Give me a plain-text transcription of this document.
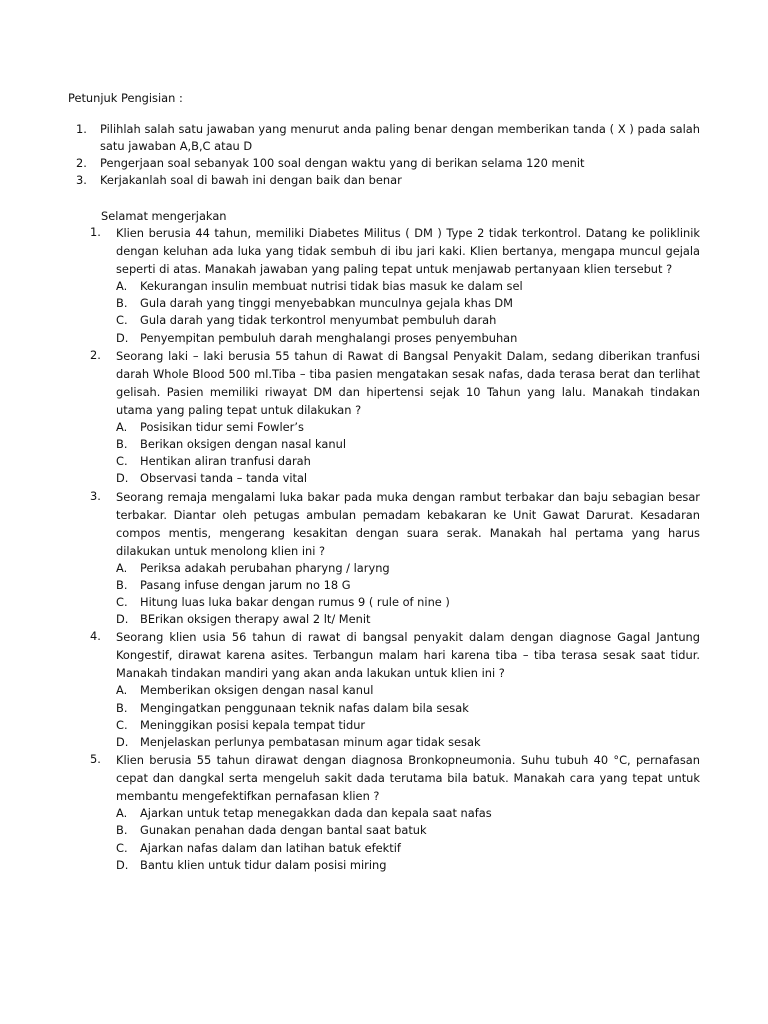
Petunjuk Pengisian :
1.	Pilihlah salah satu jawaban yang menurut anda paling benar dengan memberikan tanda ( X ) pada salah satu jawaban A,B,C atau D
2.	Pengerjaan soal sebanyak 100 soal dengan waktu yang di berikan selama 120 menit
3.	Kerjakanlah soal di bawah ini dengan baik dan benar
Selamat mengerjakan
1.	Klien berusia 44 tahun, memiliki Diabetes Militus ( DM ) Type 2 tidak terkontrol. Datang ke poliklinik dengan keluhan ada luka yang tidak sembuh di ibu jari kaki. Klien bertanya, mengapa muncul gejala seperti di atas. Manakah jawaban yang paling tepat untuk menjawab pertanyaan klien tersebut ?
A.	Kekurangan insulin membuat nutrisi tidak bias masuk ke dalam sel
B.	Gula darah yang tinggi menyebabkan munculnya gejala khas DM
C.	Gula darah yang tidak terkontrol menyumbat pembuluh darah
D.	Penyempitan pembuluh darah menghalangi proses penyembuhan
2.	Seorang laki – laki berusia 55 tahun di Rawat di Bangsal Penyakit Dalam, sedang diberikan tranfusi darah Whole Blood 500 ml.Tiba – tiba pasien mengatakan sesak nafas, dada terasa berat dan terlihat gelisah. Pasien memiliki riwayat DM dan hipertensi sejak 10 Tahun yang lalu. Manakah tindakan utama yang paling tepat untuk dilakukan ?
A.	Posisikan tidur semi Fowler’s
B.	Berikan oksigen dengan nasal kanul
C.	Hentikan aliran tranfusi darah
D.	Observasi tanda – tanda vital
3.	Seorang remaja mengalami luka bakar pada muka dengan rambut terbakar dan baju sebagian besar terbakar. Diantar oleh petugas ambulan pemadam kebakaran ke Unit Gawat Darurat. Kesadaran compos mentis, mengerang kesakitan dengan suara serak. Manakah hal pertama yang harus dilakukan untuk menolong klien ini ?
A.	Periksa adakah perubahan pharyng / laryng
B.	Pasang infuse dengan jarum no 18 G
C.	Hitung luas luka bakar dengan rumus 9 ( rule of nine )
D.	BErikan oksigen therapy awal 2 lt/ Menit
4.	Seorang klien usia 56 tahun di rawat di bangsal penyakit dalam dengan diagnose Gagal Jantung Kongestif, dirawat karena asites. Terbangun malam hari karena tiba – tiba terasa sesak saat tidur. Manakah tindakan mandiri yang akan anda lakukan untuk klien ini ?
A.	Memberikan oksigen dengan nasal kanul
B.	Mengingatkan penggunaan teknik nafas dalam bila sesak
C.	Meninggikan posisi kepala tempat tidur
D.	Menjelaskan perlunya pembatasan minum agar tidak sesak
5.	Klien berusia 55 tahun dirawat dengan diagnosa Bronkopneumonia. Suhu tubuh 40 °C, pernafasan cepat dan dangkal serta mengeluh sakit dada terutama bila batuk. Manakah cara yang tepat untuk membantu mengefektifkan pernafasan klien ?
A.	Ajarkan untuk tetap menegakkan dada dan kepala saat nafas
B.	Gunakan penahan dada dengan bantal saat batuk
C.	Ajarkan nafas dalam dan latihan batuk efektif
D.	Bantu klien untuk tidur dalam posisi miring
